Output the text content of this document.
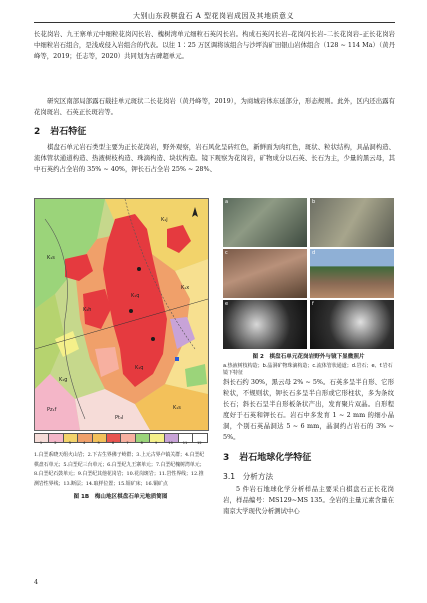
大别山东段棋盘石 A 型花岗岩成因及其地质意义

长花岗岩、九王寨单元中细粒花岗闪长岩、槐树湾单元细粒石英闪长岩。构成石英闪长岩–花岗闪长岩–二长花岗岩–正长花岗岩中细粒岩石组合，是浅成侵入岩组合的代表。以往 1∶25 万区调将该组合与沙坪沟矿田银山岩体组合（128 ~ 114 Ma）（黄丹峰等，2019；任志等，2020）共同划为古碑超单元。

研究区南部局部露石载挂单元斑状二长花岗岩（黄丹峰等，2019），为商城岩体东延部分，形态规则。此外，区内还出露有花岗斑岩、石英正长斑岩等。

2 岩石特征

棋盘石单元岩石类型主要为正长花岗岩，野外观察，岩石风化呈砖红色，新鲜面为肉红色，斑状、粒状结构，具晶洞构造、流体管状通道构造、热液树枝构造、珠滴构造、块状构造。镜下观察为花岗岩，矿物成分以石英、长石为主，少量的黑云母，其中石英约占全岩的 35% ~ 40%，钾长石占全岩 25% ~ 28%、

K₁q
K₁s
K₁j
K₁h
K₁x
K₁g
Pz₁f
Pt₃l
K₁s
K₁q
1	2	3	4	5	6	7	8	9	10	11	12

1.白垩系晓天组火山岩；2.下古生界佛子岭群；3.上元古界卢镇关群；4.白垩纪棋盘石单元；5.白垩纪三台单元；6.白垩纪九王寨单元；7.白垩纪槐树湾单元；8.白垩纪石鼓单元；9.白垩纪其他花岗岩；10.花岗斑岩；11.岩性界线；12.推测岩性界线；13.断层；14.取样位置；15.钼矿床；16.铜矿点

图 1B　梅山地区棋盘石单元地质简图
a	b
c	d
e	f
图 2　棋盘石单元花岗岩野外与镜下显微照片

a.热液树枝构造；b.晶洞矿物珠滴构造；c.流体管状通道；d.岩石；e、f.岩石镜下特征

斜长石约 30%，黑云母 2% ~ 5%。石英多呈半自形、它形粒状，不规则状，钾长石多呈半自形或它形柱状，多为条纹长石；斜长石呈半自形板条状产出，发育聚片双晶。自形程度好于石英和钾长石。岩石中多发育 1 ~ 2 mm 的细小晶洞，个别石英晶洞达 5 ~ 6 mm，晶洞约占岩石的 3% ~ 5%。

3 岩石地球化学特征
3.1　分析方法

5 件岩石地球化学分析样品主要采自棋盘石正长花岗岩，样品编号：MS129~MS 135。全岩的主量元素含量在南京大学现代分析测试中心

4
